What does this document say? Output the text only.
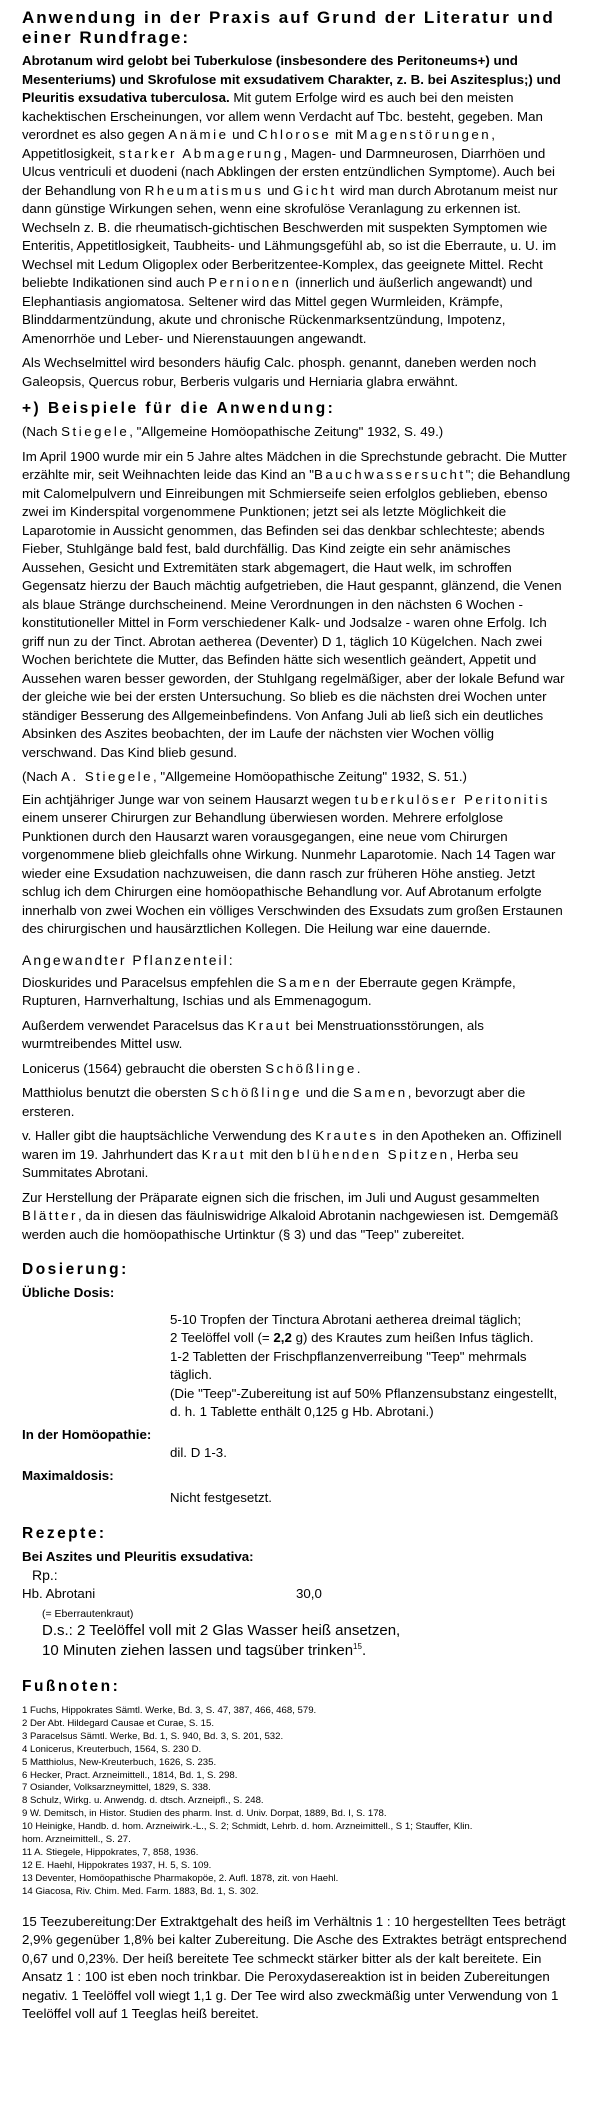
Anwendung in der Praxis auf Grund der Literatur und einer Rundfrage:

Abrotanum wird gelobt bei Tuberkulose (insbesondere des Peritoneums+) und Mesenteriums) und Skrofulose mit exsudativem Charakter, z. B. bei Aszitesplus;) und Pleuritis exsudativa tuberculosa. Mit gutem Erfolge wird es auch bei den meisten kachektischen Erscheinungen, vor allem wenn Verdacht auf Tbc. besteht, gegeben. Man verordnet es also gegen Anämie und Chlorose mit Magenstörungen, Appetitlosigkeit, starker Abmagerung, Magen- und Darmneurosen, Diarrhöen und Ulcus ventriculi et duodeni (nach Abklingen der ersten entzündlichen Symptome). Auch bei der Behandlung von Rheumatismus und Gicht wird man durch Abrotanum meist nur dann günstige Wirkungen sehen, wenn eine skrofulöse Veranlagung zu erkennen ist. Wechseln z. B. die rheumatisch-gichtischen Beschwerden mit suspekten Symptomen wie Enteritis, Appetitlosigkeit, Taubheits- und Lähmungsgefühl ab, so ist die Eberraute, u. U. im Wechsel mit Ledum Oligoplex oder Berberitzentee-Komplex, das geeignete Mittel. Recht beliebte Indikationen sind auch Pernionen (innerlich und äußerlich angewandt) und Elephantiasis angiomatosa. Seltener wird das Mittel gegen Wurmleiden, Krämpfe, Blinddarmentzündung, akute und chronische Rückenmarksentzündung, Impotenz, Amenorrhöe und Leber- und Nierenstauungen angewandt.

Als Wechselmittel wird besonders häufig Calc. phosph. genannt, daneben werden noch Galeopsis, Quercus robur, Berberis vulgaris und Herniaria glabra erwähnt.

+) Beispiele für die Anwendung:

(Nach Stiegele, "Allgemeine Homöopathische Zeitung" 1932, S. 49.)

Im April 1900 wurde mir ein 5 Jahre altes Mädchen in die Sprechstunde gebracht. Die Mutter erzählte mir, seit Weihnachten leide das Kind an "Bauchwassersucht"; die Behandlung mit Calomelpulvern und Einreibungen mit Schmierseife seien erfolglos geblieben, ebenso zwei im Kinderspital vorgenommene Punktionen; jetzt sei als letzte Möglichkeit die Laparotomie in Aussicht genommen, das Befinden sei das denkbar schlechteste; abends Fieber, Stuhlgänge bald fest, bald durchfällig. Das Kind zeigte ein sehr anämisches Aussehen, Gesicht und Extremitäten stark abgemagert, die Haut welk, im schroffen Gegensatz hierzu der Bauch mächtig aufgetrieben, die Haut gespannt, glänzend, die Venen als blaue Stränge durchscheinend. Meine Verordnungen in den nächsten 6 Wochen - konstitutioneller Mittel in Form verschiedener Kalk- und Jodsalze - waren ohne Erfolg. Ich griff nun zu der Tinct. Abrotan aetherea (Deventer) D 1, täglich 10 Kügelchen. Nach zwei Wochen berichtete die Mutter, das Befinden hätte sich wesentlich geändert, Appetit und Aussehen waren besser geworden, der Stuhlgang regelmäßiger, aber der lokale Befund war der gleiche wie bei der ersten Untersuchung. So blieb es die nächsten drei Wochen unter ständiger Besserung des Allgemeinbefindens. Von Anfang Juli ab ließ sich ein deutliches Absinken des Aszites beobachten, der im Laufe der nächsten vier Wochen völlig verschwand. Das Kind blieb gesund.

(Nach A. Stiegele, "Allgemeine Homöopathische Zeitung" 1932, S. 51.)

Ein achtjähriger Junge war von seinem Hausarzt wegen tuberkulöser Peritonitis einem unserer Chirurgen zur Behandlung überwiesen worden. Mehrere erfolglose Punktionen durch den Hausarzt waren vorausgegangen, eine neue vom Chirurgen vorgenommene blieb gleichfalls ohne Wirkung. Nunmehr Laparotomie. Nach 14 Tagen war wieder eine Exsudation nachzuweisen, die dann rasch zur früheren Höhe anstieg. Jetzt schlug ich dem Chirurgen eine homöopathische Behandlung vor. Auf Abrotanum erfolgte innerhalb von zwei Wochen ein völliges Verschwinden des Exsudats zum großen Erstaunen des chirurgischen und hausärztlichen Kollegen. Die Heilung war eine dauernde.

Angewandter Pflanzenteil:

Dioskurides und Paracelsus empfehlen die Samen der Eberraute gegen Krämpfe, Rupturen, Harnverhaltung, Ischias und als Emmenagogum.

Außerdem verwendet Paracelsus das Kraut bei Menstruationsstörungen, als wurmtreibendes Mittel usw.

Lonicerus (1564) gebraucht die obersten Schößlinge.

Matthiolus benutzt die obersten Schößlinge und die Samen, bevorzugt aber die ersteren.

v. Haller gibt die hauptsächliche Verwendung des Krautes in den Apotheken an. Offizinell waren im 19. Jahrhundert das Kraut mit den blühenden Spitzen, Herba seu Summitates Abrotani.

Zur Herstellung der Präparate eignen sich die frischen, im Juli und August gesammelten Blätter, da in diesen das fäulniswidrige Alkaloid Abrotanin nachgewiesen ist. Demgemäß werden auch die homöopathische Urtinktur (§ 3) und das "Teep" zubereitet.

Dosierung:

Übliche Dosis:

5-10 Tropfen der Tinctura Abrotani aetherea dreimal täglich;

2 Teelöffel voll (= 2,2 g) des Krautes zum heißen Infus täglich.

1-2 Tabletten der Frischpflanzenverreibung "Teep" mehrmals täglich.

(Die "Teep"-Zubereitung ist auf 50% Pflanzensubstanz eingestellt, d. h. 1 Tablette enthält 0,125 g Hb. Abrotani.)

In der Homöopathie:

dil. D 1-3.

Maximaldosis:

Nicht festgesetzt.

Rezepte:

Bei Aszites und Pleuritis exsudativa:

Rp.:

Hb. Abrotani	30,0

(= Eberrautenkraut)

D.s.: 2 Teelöffel voll mit 2 Glas Wasser heiß ansetzen,

10 Minuten ziehen lassen und tagsüber trinken$^{15}$.

Fußnoten:
1 Fuchs, Hippokrates Sämtl. Werke, Bd. 3, S. 47, 387, 466, 468, 579.
2 Der Abt. Hildegard Causae et Curae, S. 15.
3 Paracelsus Sämtl. Werke, Bd. 1, S. 940, Bd. 3, S. 201, 532.
4 Lonicerus, Kreuterbuch, 1564, S. 230 D.
5 Matthiolus, New-Kreuterbuch, 1626, S. 235.
6 Hecker, Pract. Arzneimittell., 1814, Bd. 1, S. 298.
7 Osiander, Volksarzneymittel, 1829, S. 338.
8 Schulz, Wirkg. u. Anwendg. d. dtsch. Arzneipfl., S. 248.
9 W. Demitsch, in Histor. Studien des pharm. Inst. d. Univ. Dorpat, 1889, Bd. I, S. 178.
10 Heinigke, Handb. d. hom. Arzneiwirk.-L., S. 2; Schmidt, Lehrb. d. hom. Arzneimittell., S 1; Stauffer, Klin.
hom. Arzneimittell., S. 27.
11 A. Stiegele, Hippokrates, 7, 858, 1936.
12 E. Haehl, Hippokrates 1937, H. 5, S. 109.
13 Deventer, Homöopathische Pharmakopöe, 2. Aufl. 1878, zit. von Haehl.
14 Giacosa, Riv. Chim. Med. Farm. 1883, Bd. 1, S. 302.

15 Teezubereitung:Der Extraktgehalt des heiß im Verhältnis 1 : 10 hergestellten Tees beträgt 2,9% gegenüber 1,8% bei kalter Zubereitung. Die Asche des Extraktes beträgt entsprechend 0,67 und 0,23%. Der heiß bereitete Tee schmeckt stärker bitter als der kalt bereitete. Ein Ansatz 1 : 100 ist eben noch trinkbar. Die Peroxydasereaktion ist in beiden Zubereitungen negativ. 1 Teelöffel voll wiegt 1,1 g. Der Tee wird also zweckmäßig unter Verwendung von 1 Teelöffel voll auf 1 Teeglas heiß bereitet.
